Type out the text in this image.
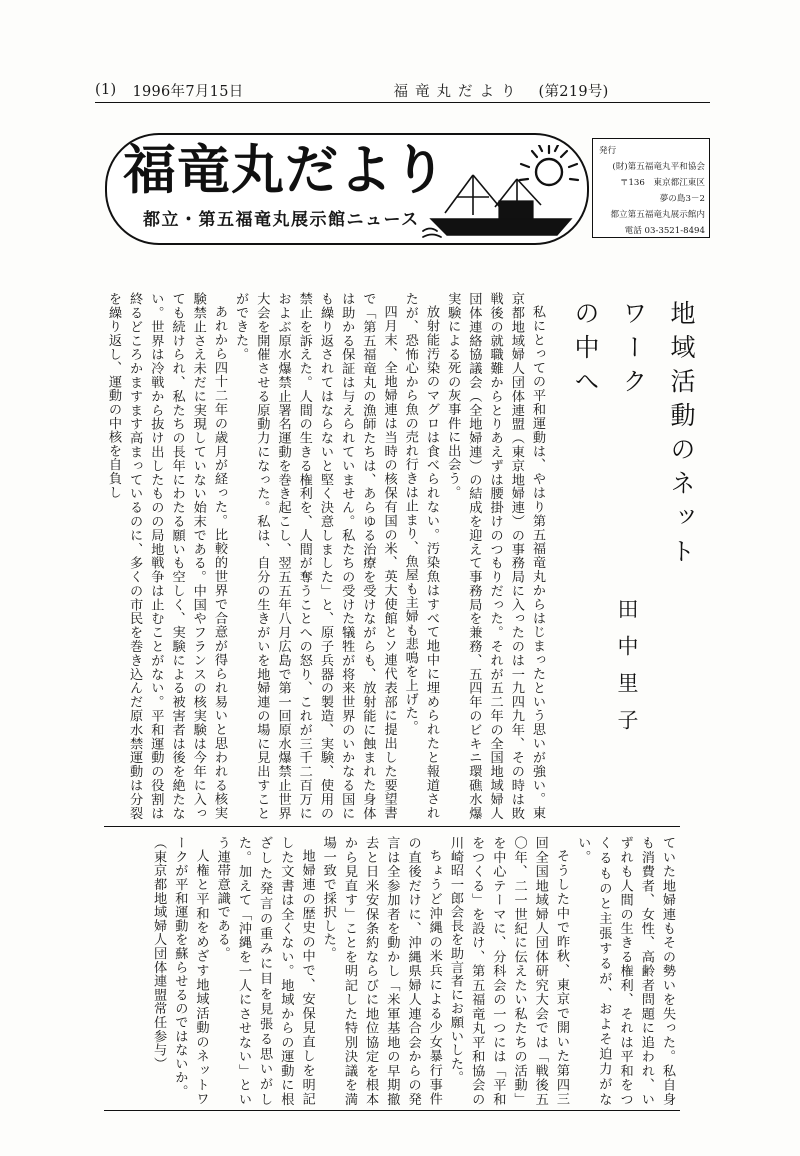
(1) 1996年7月15日	福竜丸だより (第219号)
福竜丸だより
都立・第五福竜丸展示館ニュース
発行
(財)第五福竜丸平和協会
〒136　東京都江東区
夢の島3－2
都立第五福竜丸展示館内
電話 03-3521-8494
地域活動のネットワーク
の中へ
田中里子

私にとっての平和運動は、やはり第五福竜丸からはじまったという思いが強い。東京都地域婦人団体連盟（東京地婦連）の事務局に入ったのは一九四九年、その時は敗戦後の就職難からとりあえずは腰掛けのつもりだった。それが五二年の全国地域婦人団体連絡協議会（全地婦連）の結成を迎えて事務局を兼務、五四年のビキニ環礁水爆実験による死の灰事件に出会う。

放射能汚染のマグロは食べられない。汚染魚はすべて地中に埋められたと報道されたが、恐怖心から魚の売れ行きは止まり、魚屋も主婦も悲鳴を上げた。

四月末、全地婦連は当時の核保有国の米、英大使館とソ連代表部に提出した要望書で「第五福竜丸の漁師たちは、あらゆる治療を受けながらも、放射能に蝕まれた身体は助かる保証は与えられていません。私たちの受けた犠牲が将来世界のいかなる国にも繰り返されてはならないと堅く決意しました」と、原子兵器の製造、実験、使用の禁止を訴えた。人間の生きる権利を、人間が奪うことへの怒り、これが三千二百万におよぶ原水爆禁止署名運動を巻き起こし、翌五五年八月広島で第一回原水爆禁止世界大会を開催させる原動力になった。私は、自分の生きがいを地婦連の場に見出すことができた。

あれから四十二年の歳月が経った。比較的世界で合意が得られ易いと思われる核実験禁止さえ未だに実現していない始末である。中国やフランスの核実験は今年に入っても続けられ、私たちの長年にわたる願いも空しく、実験による被害者は後を絶たない。世界は冷戦から抜け出したものの局地戦争は止むことがない。平和運動の役割は終るどころかますます高まっているのに、多くの市民を巻き込んだ原水禁運動は分裂を繰り返し、運動の中核を自負し

ていた地婦連もその勢いを失った。私自身も消費者、女性、高齢者問題に追われ、いずれも人間の生きる権利、それは平和をつくるものと主張するが、およそ迫力がない。

そうした中で昨秋、東京で開いた第四三回全国地域婦人団体研究大会では「戦後五〇年、二一世紀に伝えたい私たちの活動」を中心テーマに、分科会の一つには「平和をつくる」を設け、第五福竜丸平和協会の川崎昭一郎会長を助言者にお願いした。

ちょうど沖縄の米兵による少女暴行事件の直後だけに、沖縄県婦人連合会からの発言は全参加者を動かし「米軍基地の早期撤去と日米安保条約ならびに地位協定を根本から見直す」ことを明記した特別決議を満場一致で採択した。

地婦連の歴史の中で、安保見直しを明記した文書は全くない。地域からの運動に根ざした発言の重みに目を見張る思いがした。加えて「沖縄を一人にさせない」という連帯意識である。

人権と平和をめざす地域活動のネットワークが平和運動を蘇らせるのではないか。

（東京都地域婦人団体連盟常任参与）
